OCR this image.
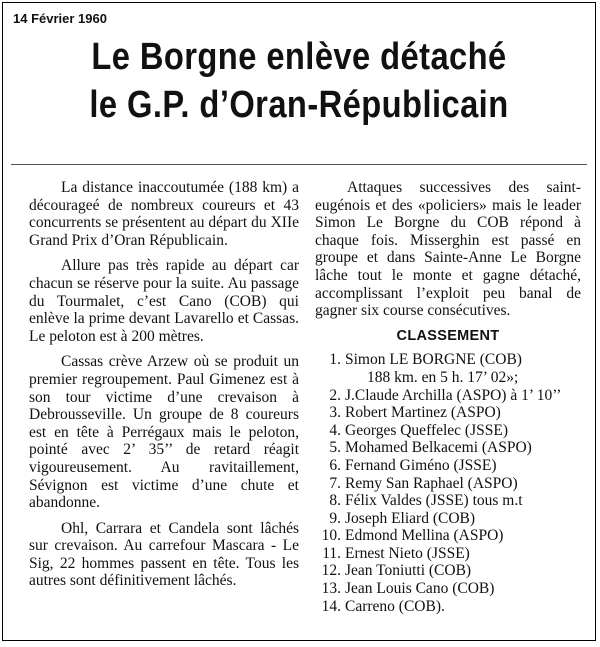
14 Février 1960
Le Borgne enlève détaché
le G.P. d’Oran-Républicain

La distance inaccoutumée (188 km) a décourageé de nombreux coureurs et 43 concurrents se présentent au départ du XIIe Grand Prix d’Oran Républicain.

Allure pas très rapide au départ car chacun se réserve pour la suite. Au passage du Tourmalet, c’est Cano (COB) qui enlève la prime devant Lavarello et Cassas. Le peloton est à 200 mètres.

Cassas crève Arzew où se produit un premier regroupement. Paul Gimenez est à son tour victime d’une crevaison à Debrousseville. Un groupe de 8 coureurs est en tête à Perrégaux mais le peloton, pointé avec 2’ 35’’ de retard réagit vigoureusement. Au ravitaillement, Sévignon est victime d’une chute et abandonne.

Ohl, Carrara et Candela sont lâchés sur crevaison. Au carrefour Mascara - Le Sig, 22 hommes passent en tête. Tous les autres sont définitivement lâchés.

Attaques successives des saint-eugénois et des «policiers» mais le leader Simon Le Borgne du COB répond à chaque fois. Misserghin est passé en groupe et dans Sainte-Anne Le Borgne lâche tout le monte et gagne détaché, accomplissant l’exploit peu banal de gagner six course consécutives.

CLASSEMENT
1. Simon LE BORGNE (COB)
188 km. en 5 h. 17’ 02»;
2. J.Claude Archilla (ASPO) à 1’ 10’’
3. Robert Martinez (ASPO)
4. Georges Queffelec (JSSE)
5. Mohamed Belkacemi (ASPO)
6. Fernand Giméno (JSSE)
7. Remy San Raphael (ASPO)
8. Félix Valdes (JSSE) tous m.t
9. Joseph Eliard (COB)
10. Edmond Mellina (ASPO)
11. Ernest Nieto (JSSE)
12. Jean Toniutti (COB)
13. Jean Louis Cano (COB)
14. Carreno (COB).
